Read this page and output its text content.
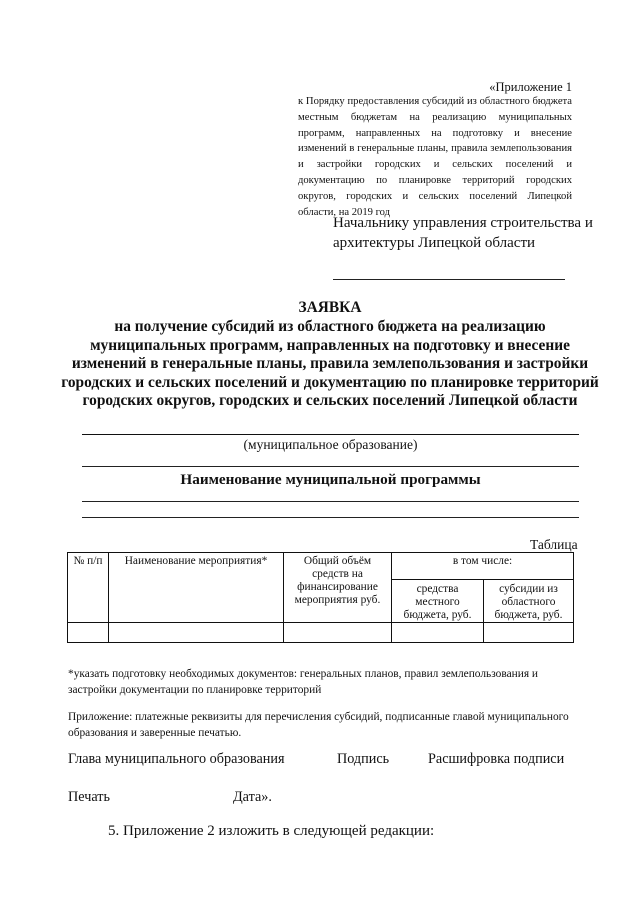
«Приложение 1
к Порядку предоставления субсидий из областного бюджета местным бюджетам на реализацию муниципальных программ, направленных на подготовку и внесение изменений в генеральные планы, правила землепользования и застройки городских и сельских поселений и документацию по планировке территорий городских округов, городских и сельских поселений Липецкой области, на 2019 год
Начальнику управления строительства и архитектуры Липецкой области
ЗАЯВКА
на получение субсидий из областного бюджета на реализацию муниципальных программ, направленных на подготовку и внесение изменений в генеральные планы, правила землепользования и застройки городских и сельских поселений и документацию по планировке территорий городских округов, городских и сельских поселений Липецкой области
(муниципальное образование)
Наименование муниципальной программы
Таблица
№ п/п	Наименование мероприятия*	Общий объём средств на финансирование мероприятия руб.	в том числе:	
			средства местного бюджета, руб.	субсидии из областного бюджета, руб.

*указать подготовку необходимых документов: генеральных планов, правил землепользования и застройки документации по планировке территорий
Приложение: платежные реквизиты для перечисления субсидий, подписанные главой муниципального образования и заверенные печатью.
Глава муниципального образования	Подпись	Расшифровка подписи
Печать	Дата».
5. Приложение 2 изложить в следующей редакции:
